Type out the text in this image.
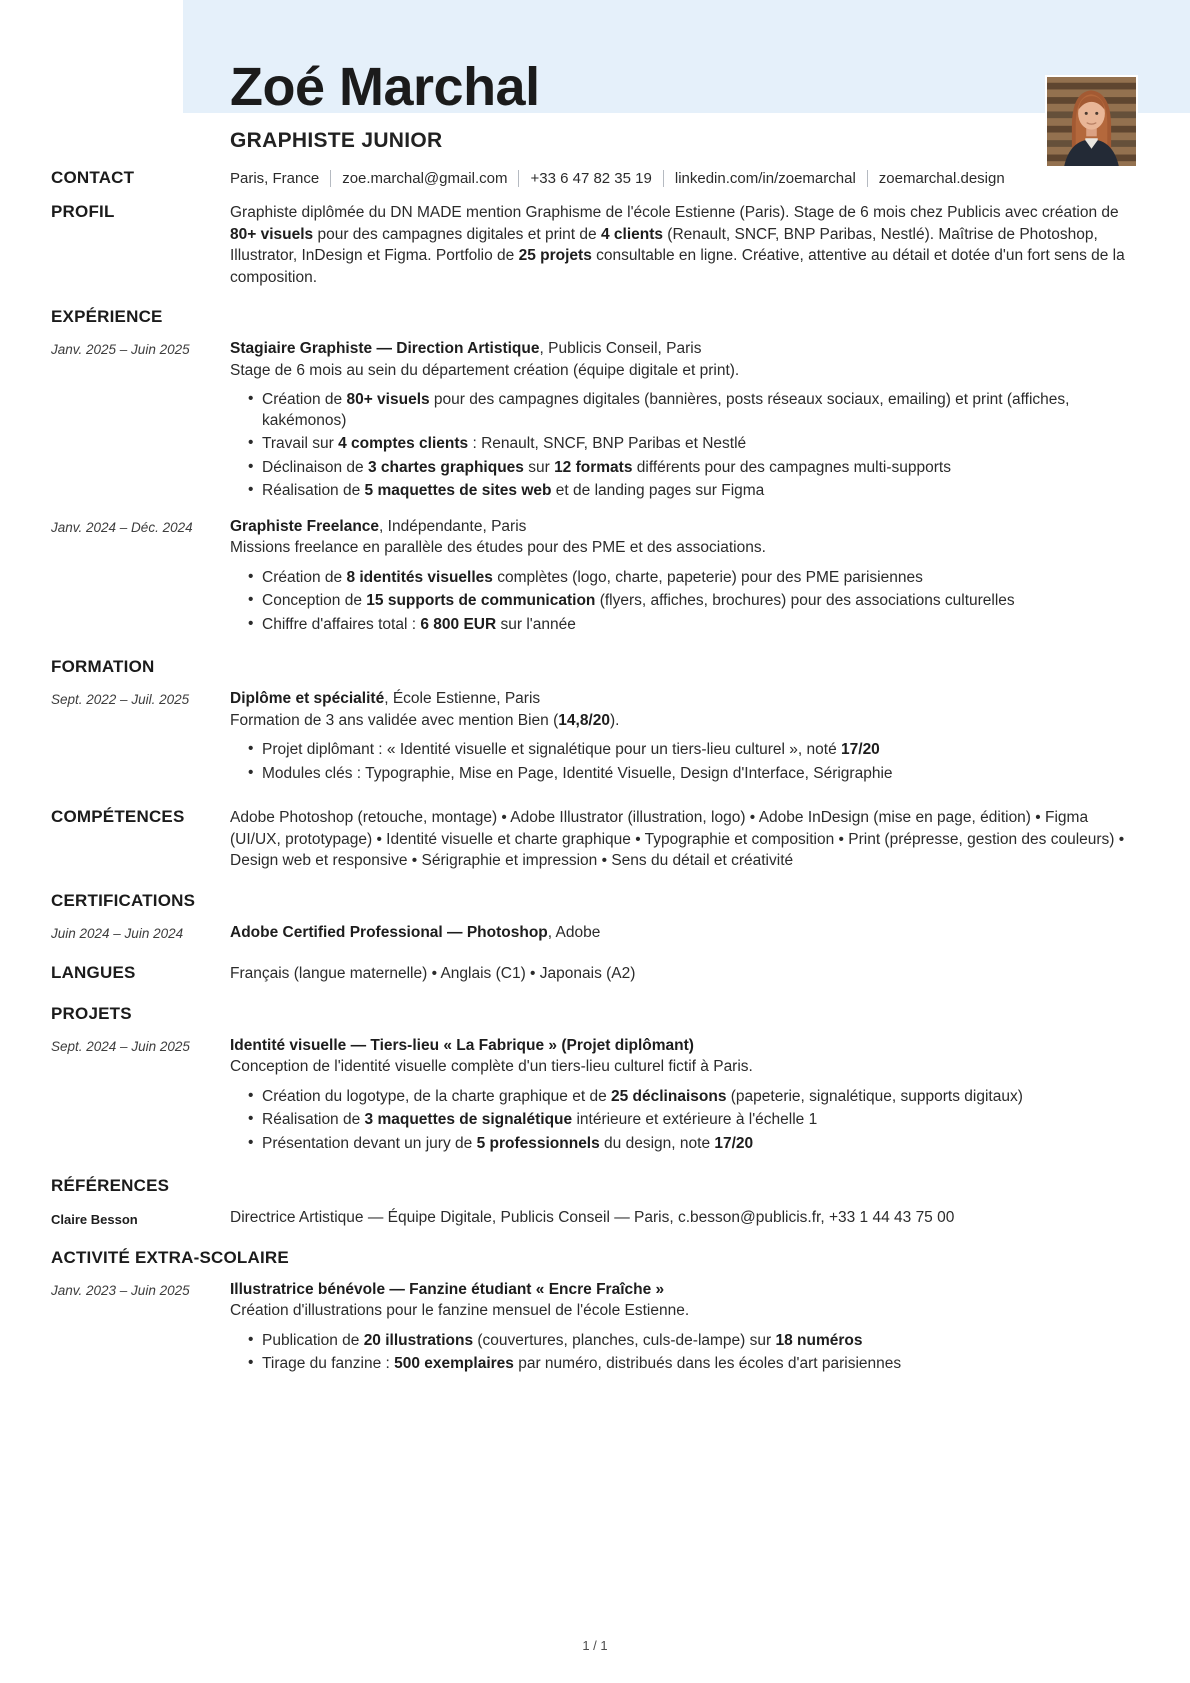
Zoé Marchal
GRAPHISTE JUNIOR
CONTACT	Paris, France zoe.marchal@gmail.com +33 6 47 82 35 19 linkedin.com/in/zoemarchal zoemarchal.design
PROFIL	Graphiste diplômée du DN MADE mention Graphisme de l'école Estienne (Paris). Stage de 6 mois chez Publicis avec création de 80+ visuels pour des campagnes digitales et print de 4 clients (Renault, SNCF, BNP Paribas, Nestlé). Maîtrise de Photoshop, Illustrator, InDesign et Figma. Portfolio de 25 projets consultable en ligne. Créative, attentive au détail et dotée d'un fort sens de la composition.

EXPÉRIENCE
Janv. 2025 – Juin 2025	Stagiaire Graphiste — Direction Artistique, Publicis Conseil, Paris
Stage de 6 mois au sein du département création (équipe digitale et print).
• Création de 80+ visuels pour des campagnes digitales (bannières, posts réseaux sociaux, emailing) et print (affiches, kakémonos)
• Travail sur 4 comptes clients : Renault, SNCF, BNP Paribas et Nestlé
• Déclinaison de 3 chartes graphiques sur 12 formats différents pour des campagnes multi-supports
• Réalisation de 5 maquettes de sites web et de landing pages sur Figma
Janv. 2024 – Déc. 2024	Graphiste Freelance, Indépendante, Paris
Missions freelance en parallèle des études pour des PME et des associations.
• Création de 8 identités visuelles complètes (logo, charte, papeterie) pour des PME parisiennes
• Conception de 15 supports de communication (flyers, affiches, brochures) pour des associations culturelles
• Chiffre d'affaires total : 6 800 EUR sur l'année
FORMATION
Sept. 2022 – Juil. 2025	Diplôme et spécialité, École Estienne, Paris
Formation de 3 ans validée avec mention Bien (14,8/20).
• Projet diplômant : « Identité visuelle et signalétique pour un tiers-lieu culturel », noté 17/20
• Modules clés : Typographie, Mise en Page, Identité Visuelle, Design d'Interface, Sérigraphie
COMPÉTENCES	Adobe Photoshop (retouche, montage) • Adobe Illustrator (illustration, logo) • Adobe InDesign (mise en page, édition) • Figma (UI/UX, prototypage) • Identité visuelle et charte graphique • Typographie et composition • Print (prépresse, gestion des couleurs) • Design web et responsive • Sérigraphie et impression • Sens du détail et créativité

CERTIFICATIONS
Juin 2024 – Juin 2024	Adobe Certified Professional — Photoshop, Adobe
LANGUES	Français (langue maternelle) • Anglais (C1) • Japonais (A2)

PROJETS
Sept. 2024 – Juin 2025	Identité visuelle — Tiers-lieu « La Fabrique » (Projet diplômant)
Conception de l'identité visuelle complète d'un tiers-lieu culturel fictif à Paris.
• Création du logotype, de la charte graphique et de 25 déclinaisons (papeterie, signalétique, supports digitaux)
• Réalisation de 3 maquettes de signalétique intérieure et extérieure à l'échelle 1
• Présentation devant un jury de 5 professionnels du design, note 17/20
RÉFÉRENCES
Claire Besson	Directrice Artistique — Équipe Digitale, Publicis Conseil — Paris, c.besson@publicis.fr, +33 1 44 43 75 00

ACTIVITÉ EXTRA-SCOLAIRE
Janv. 2023 – Juin 2025	Illustratrice bénévole — Fanzine étudiant « Encre Fraîche »
Création d'illustrations pour le fanzine mensuel de l'école Estienne.
• Publication de 20 illustrations (couvertures, planches, culs-de-lampe) sur 18 numéros
• Tirage du fanzine : 500 exemplaires par numéro, distribués dans les écoles d'art parisiennes
1 / 1
